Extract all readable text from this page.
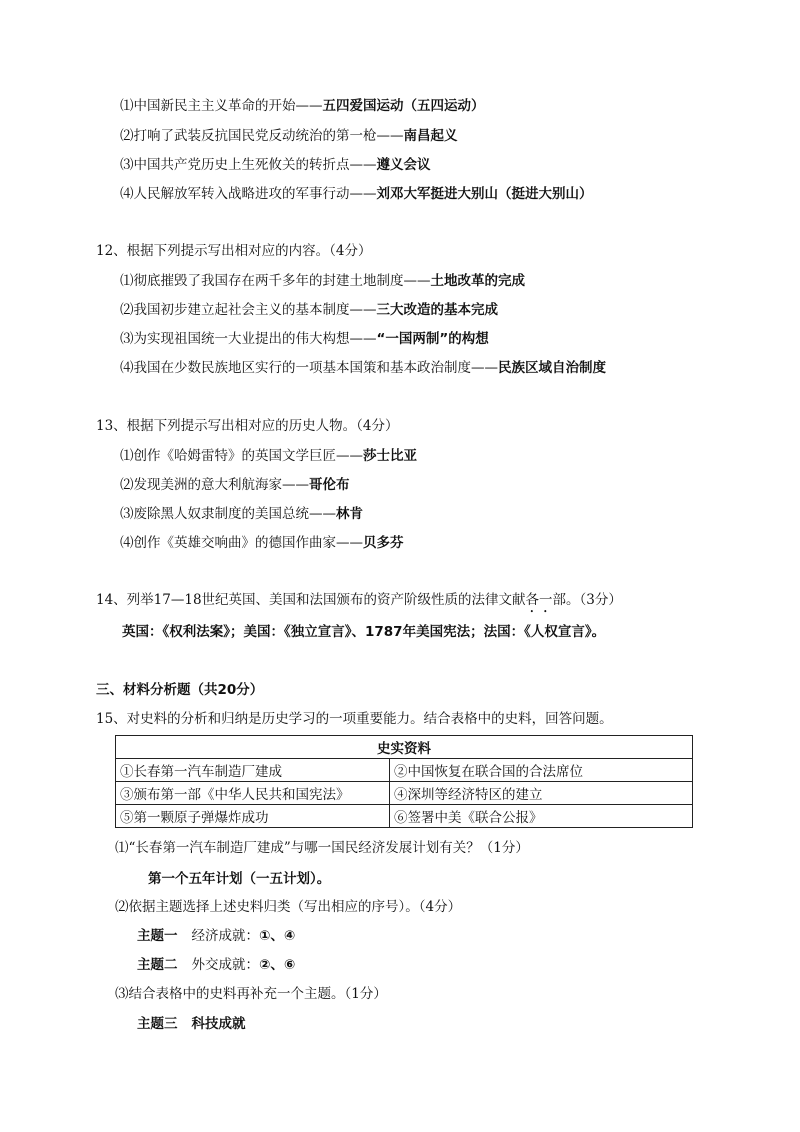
⑴中国新民主主义革命的开始——五四爱国运动（五四运动）
⑵打响了武装反抗国民党反动统治的第一枪——南昌起义
⑶中国共产党历史上生死攸关的转折点——遵义会议
⑷人民解放军转入战略进攻的军事行动——刘邓大军挺进大别山（挺进大别山）
12、根据下列提示写出相对应的内容。（4分）
⑴彻底摧毁了我国存在两千多年的封建土地制度——土地改革的完成
⑵我国初步建立起社会主义的基本制度——三大改造的基本完成
⑶为实现祖国统一大业提出的伟大构想——“一国两制”的构想
⑷我国在少数民族地区实行的一项基本国策和基本政治制度——民族区域自治制度
13、根据下列提示写出相对应的历史人物。（4分）
⑴创作《哈姆雷特》的英国文学巨匠——莎士比亚
⑵发现美洲的意大利航海家——哥伦布
⑶废除黑人奴隶制度的美国总统——林肯
⑷创作《英雄交响曲》的德国作曲家——贝多芬
14、列举17—18世纪英国、美国和法国颁布的资产阶级性质的法律文献各一部。（3分）
英国：《权利法案》；美国：《独立宣言》、1787年美国宪法；法国：《人权宣言》。
三、材料分析题（共20分）
15、对史料的分析和归纳是历史学习的一项重要能力。结合表格中的史料，回答问题。
史实资料	
①长春第一汽车制造厂建成	②中国恢复在联合国的合法席位
③颁布第一部《中华人民共和国宪法》	④深圳等经济特区的建立
⑤第一颗原子弹爆炸成功	⑥签署中美《联合公报》
⑴“长春第一汽车制造厂建成”与哪一国民经济发展计划有关？（1分）
第一个五年计划（一五计划）。
⑵依据主题选择上述史料归类（写出相应的序号）。（4分）
主题一 经济成就：①、④
主题二 外交成就：②、⑥
⑶结合表格中的史料再补充一个主题。（1分）
主题三 科技成就
